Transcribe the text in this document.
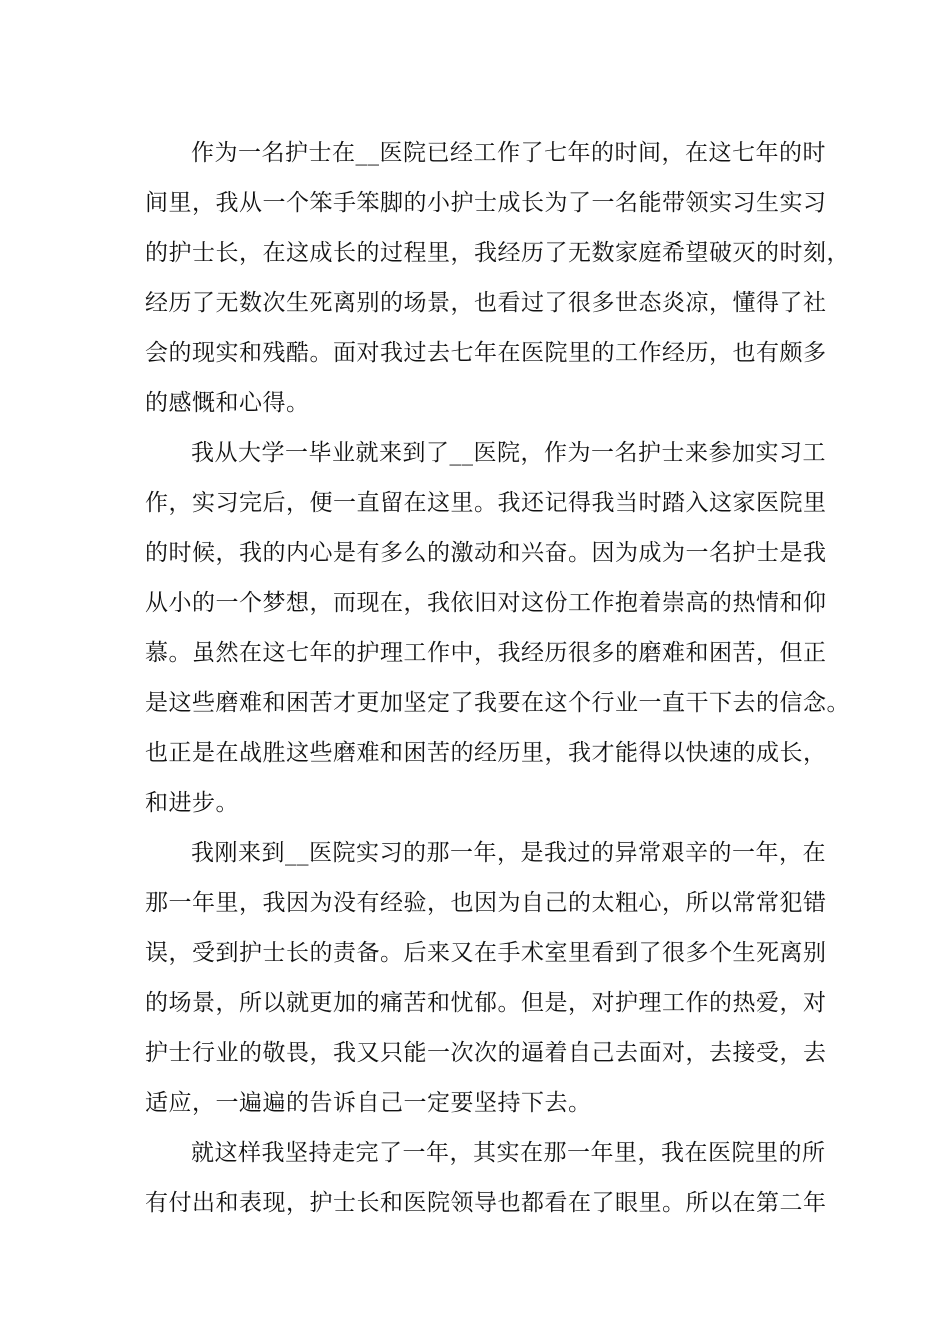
作为一名护士在__医院已经工作了七年的时间，在这七年的时
间里，我从一个笨手笨脚的小护士成长为了一名能带领实习生实习
的护士长，在这成长的过程里，我经历了无数家庭希望破灭的时刻，
经历了无数次生死离别的场景，也看过了很多世态炎凉，懂得了社
会的现实和残酷。面对我过去七年在医院里的工作经历，也有颇多
的感慨和心得。
我从大学一毕业就来到了__医院，作为一名护士来参加实习工
作，实习完后，便一直留在这里。我还记得我当时踏入这家医院里
的时候，我的内心是有多么的激动和兴奋。因为成为一名护士是我
从小的一个梦想，而现在，我依旧对这份工作抱着崇高的热情和仰
慕。虽然在这七年的护理工作中，我经历很多的磨难和困苦，但正
是这些磨难和困苦才更加坚定了我要在这个行业一直干下去的信念。
也正是在战胜这些磨难和困苦的经历里，我才能得以快速的成长，
和进步。
我刚来到__医院实习的那一年，是我过的异常艰辛的一年，在
那一年里，我因为没有经验，也因为自己的太粗心，所以常常犯错
误，受到护士长的责备。后来又在手术室里看到了很多个生死离别
的场景，所以就更加的痛苦和忧郁。但是，对护理工作的热爱，对
护士行业的敬畏，我又只能一次次的逼着自己去面对，去接受，去
适应，一遍遍的告诉自己一定要坚持下去。
就这样我坚持走完了一年，其实在那一年里，我在医院里的所
有付出和表现，护士长和医院领导也都看在了眼里。所以在第二年
